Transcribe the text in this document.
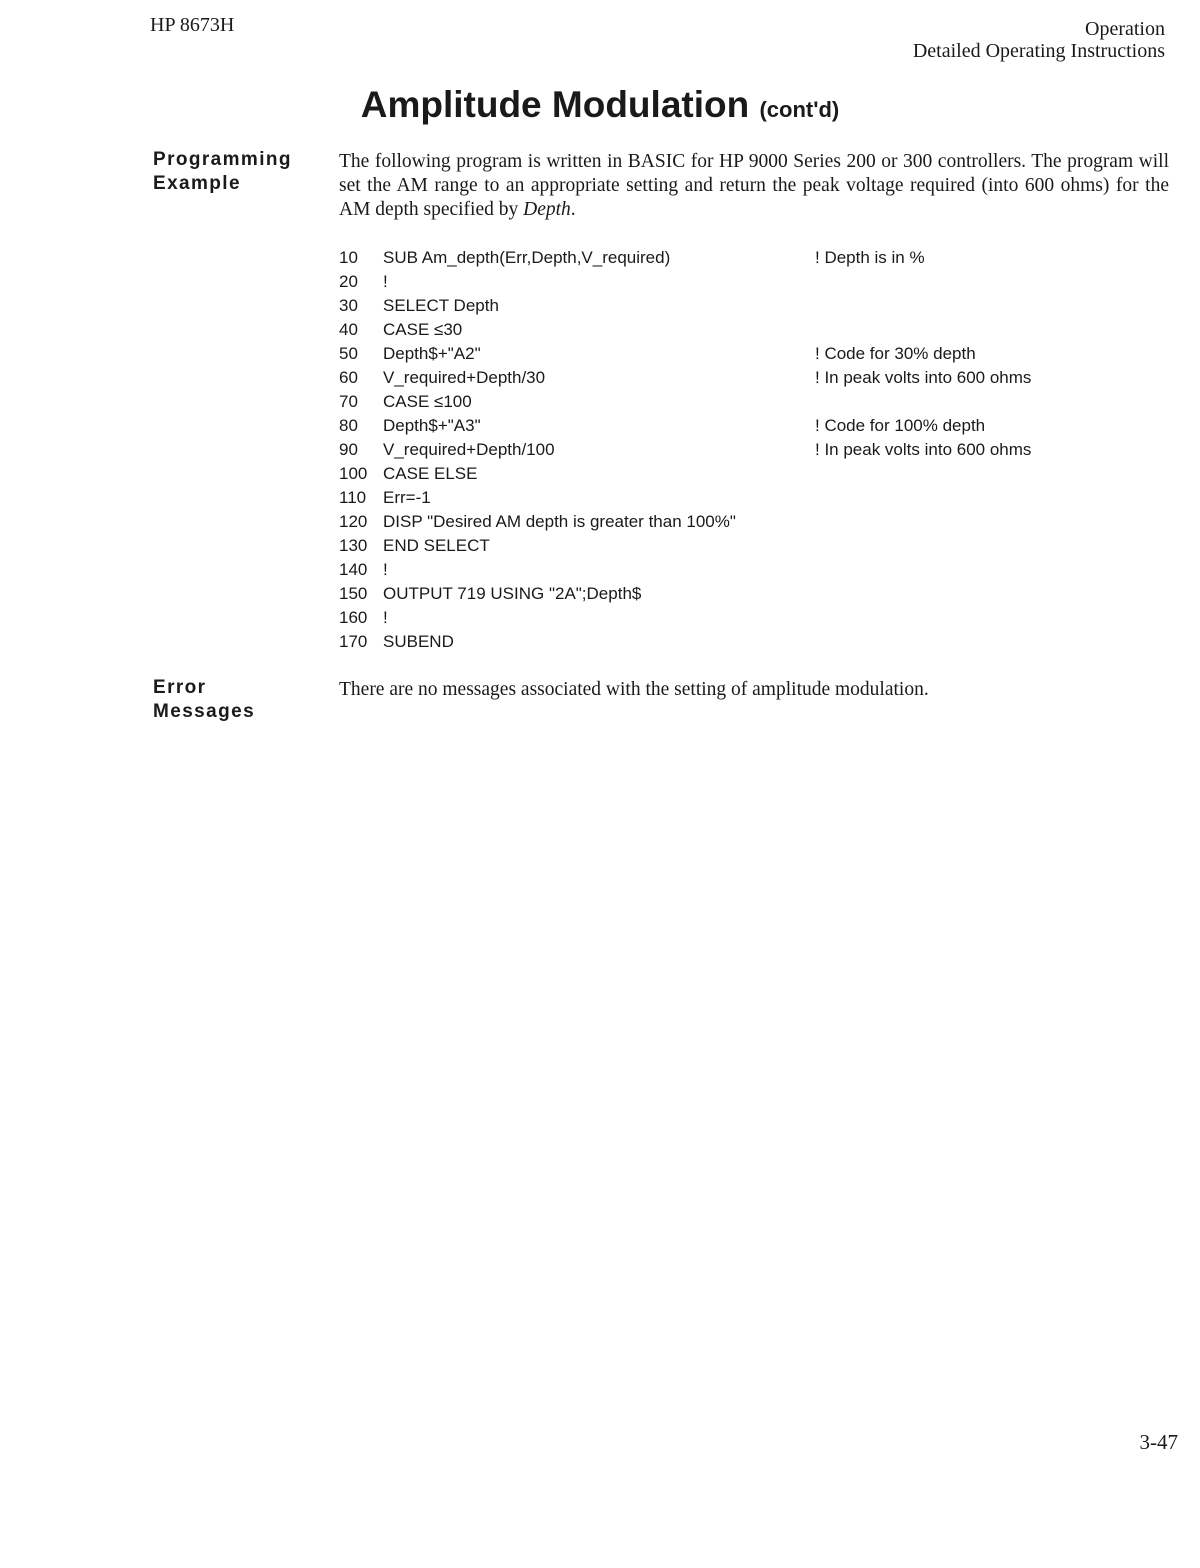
HP 8673H	Operation
Detailed Operating Instructions
Amplitude Modulation (cont'd)
Programming
Example
The following program is written in BASIC for HP 9000 Series 200 or 300 controllers. The program will set the AM range to an appropriate setting and return the peak voltage required (into 600 ohms) for the AM depth specified by Depth.
10	SUB Am_depth(Err,Depth,V_required)	! Depth is in %
20	!
30	SELECT Depth
40	CASE ≤30
50	Depth$+"A2"	! Code for 30% depth
60	V_required+Depth/30	! In peak volts into 600 ohms
70	CASE ≤100
80	Depth$+"A3"	! Code for 100% depth
90	V_required+Depth/100	! In peak volts into 600 ohms
100 CASE ELSE
110 Err=-1
120 DISP "Desired AM depth is greater than 100%"
130 END SELECT
140 !
150 OUTPUT 719 USING "2A";Depth$
160 !
170 SUBEND
Error
Messages
There are no messages associated with the setting of amplitude modulation.
3-47
